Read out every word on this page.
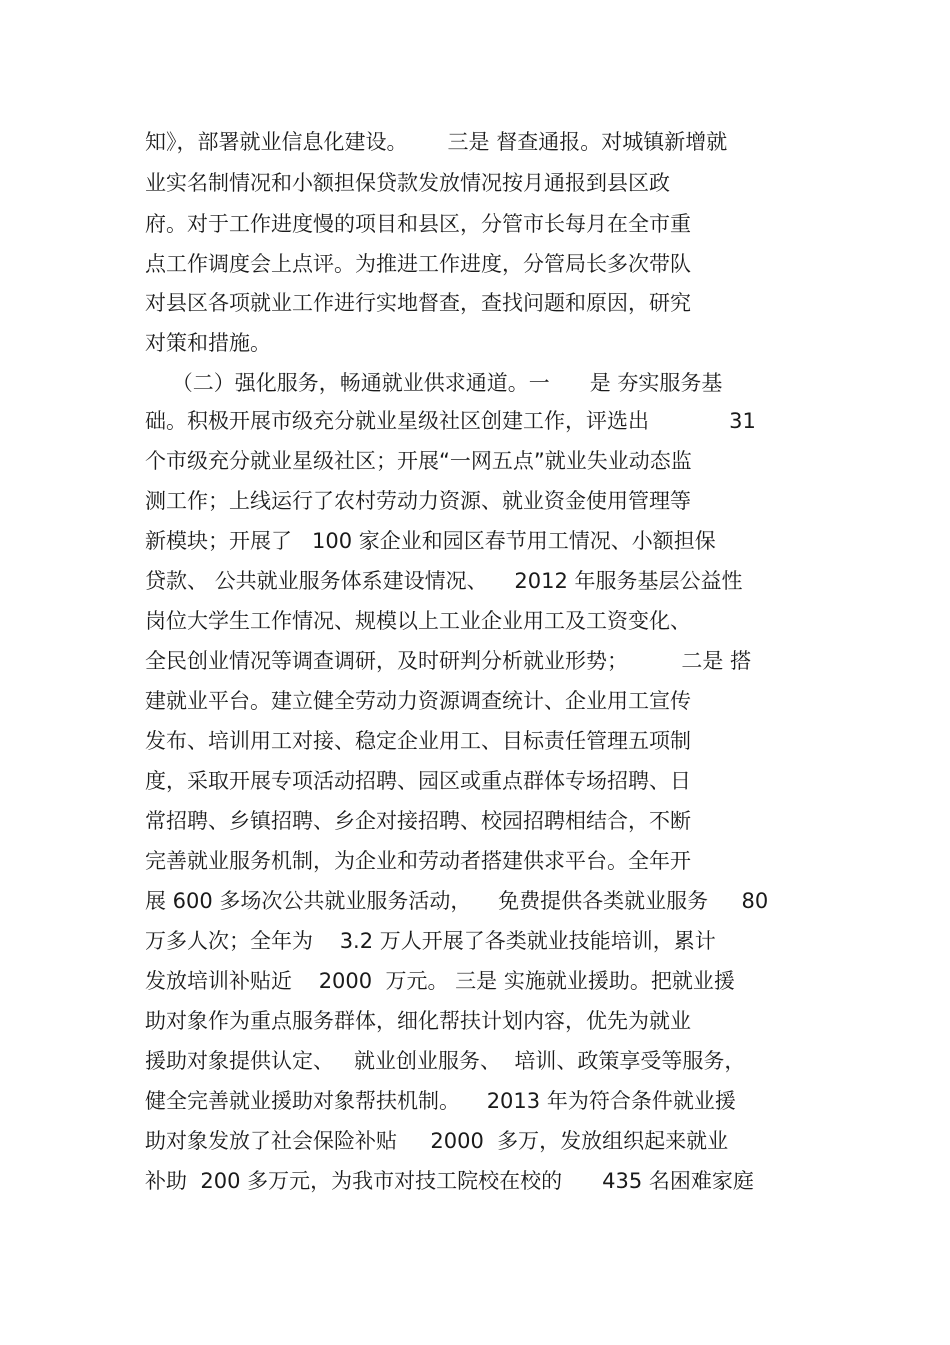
知》，部署就业信息化建设。      三是 督查通报。对城镇新增就
业实名制情况和小额担保贷款发放情况按月通报到县区政
府。对于工作进度慢的项目和县区，分管市长每月在全市重
点工作调度会上点评。为推进工作进度，分管局长多次带队
对县区各项就业工作进行实地督查，查找问题和原因，研究
对策和措施。
（二）强化服务，畅通就业供求通道。一      是 夯实服务基
础。积极开展市级充分就业星级社区创建工作，评选出            31
个市级充分就业星级社区；开展“一网五点”就业失业动态监
测工作；上线运行了农村劳动力资源、就业资金使用管理等
新模块；开展了   100 家企业和园区春节用工情况、小额担保
贷款、 公共就业服务体系建设情况、    2012 年服务基层公益性
岗位大学生工作情况、规模以上工业企业用工及工资变化、
全民创业情况等调查调研，及时研判分析就业形势；        二是 搭
建就业平台。建立健全劳动力资源调查统计、企业用工宣传
发布、培训用工对接、稳定企业用工、目标责任管理五项制
度，采取开展专项活动招聘、园区或重点群体专场招聘、日
常招聘、乡镇招聘、乡企对接招聘、校园招聘相结合，不断
完善就业服务机制，为企业和劳动者搭建供求平台。全年开
展 600 多场次公共就业服务活动，    免费提供各类就业服务     80
万多人次；全年为    3.2 万人开展了各类就业技能培训，累计
发放培训补贴近    2000  万元。 三是 实施就业援助。把就业援
助对象作为重点服务群体，细化帮扶计划内容，优先为就业
援助对象提供认定、   就业创业服务、  培训、政策享受等服务，
健全完善就业援助对象帮扶机制。    2013 年为符合条件就业援
助对象发放了社会保险补贴     2000  多万，发放组织起来就业
补助  200 多万元，为我市对技工院校在校的      435 名困难家庭
